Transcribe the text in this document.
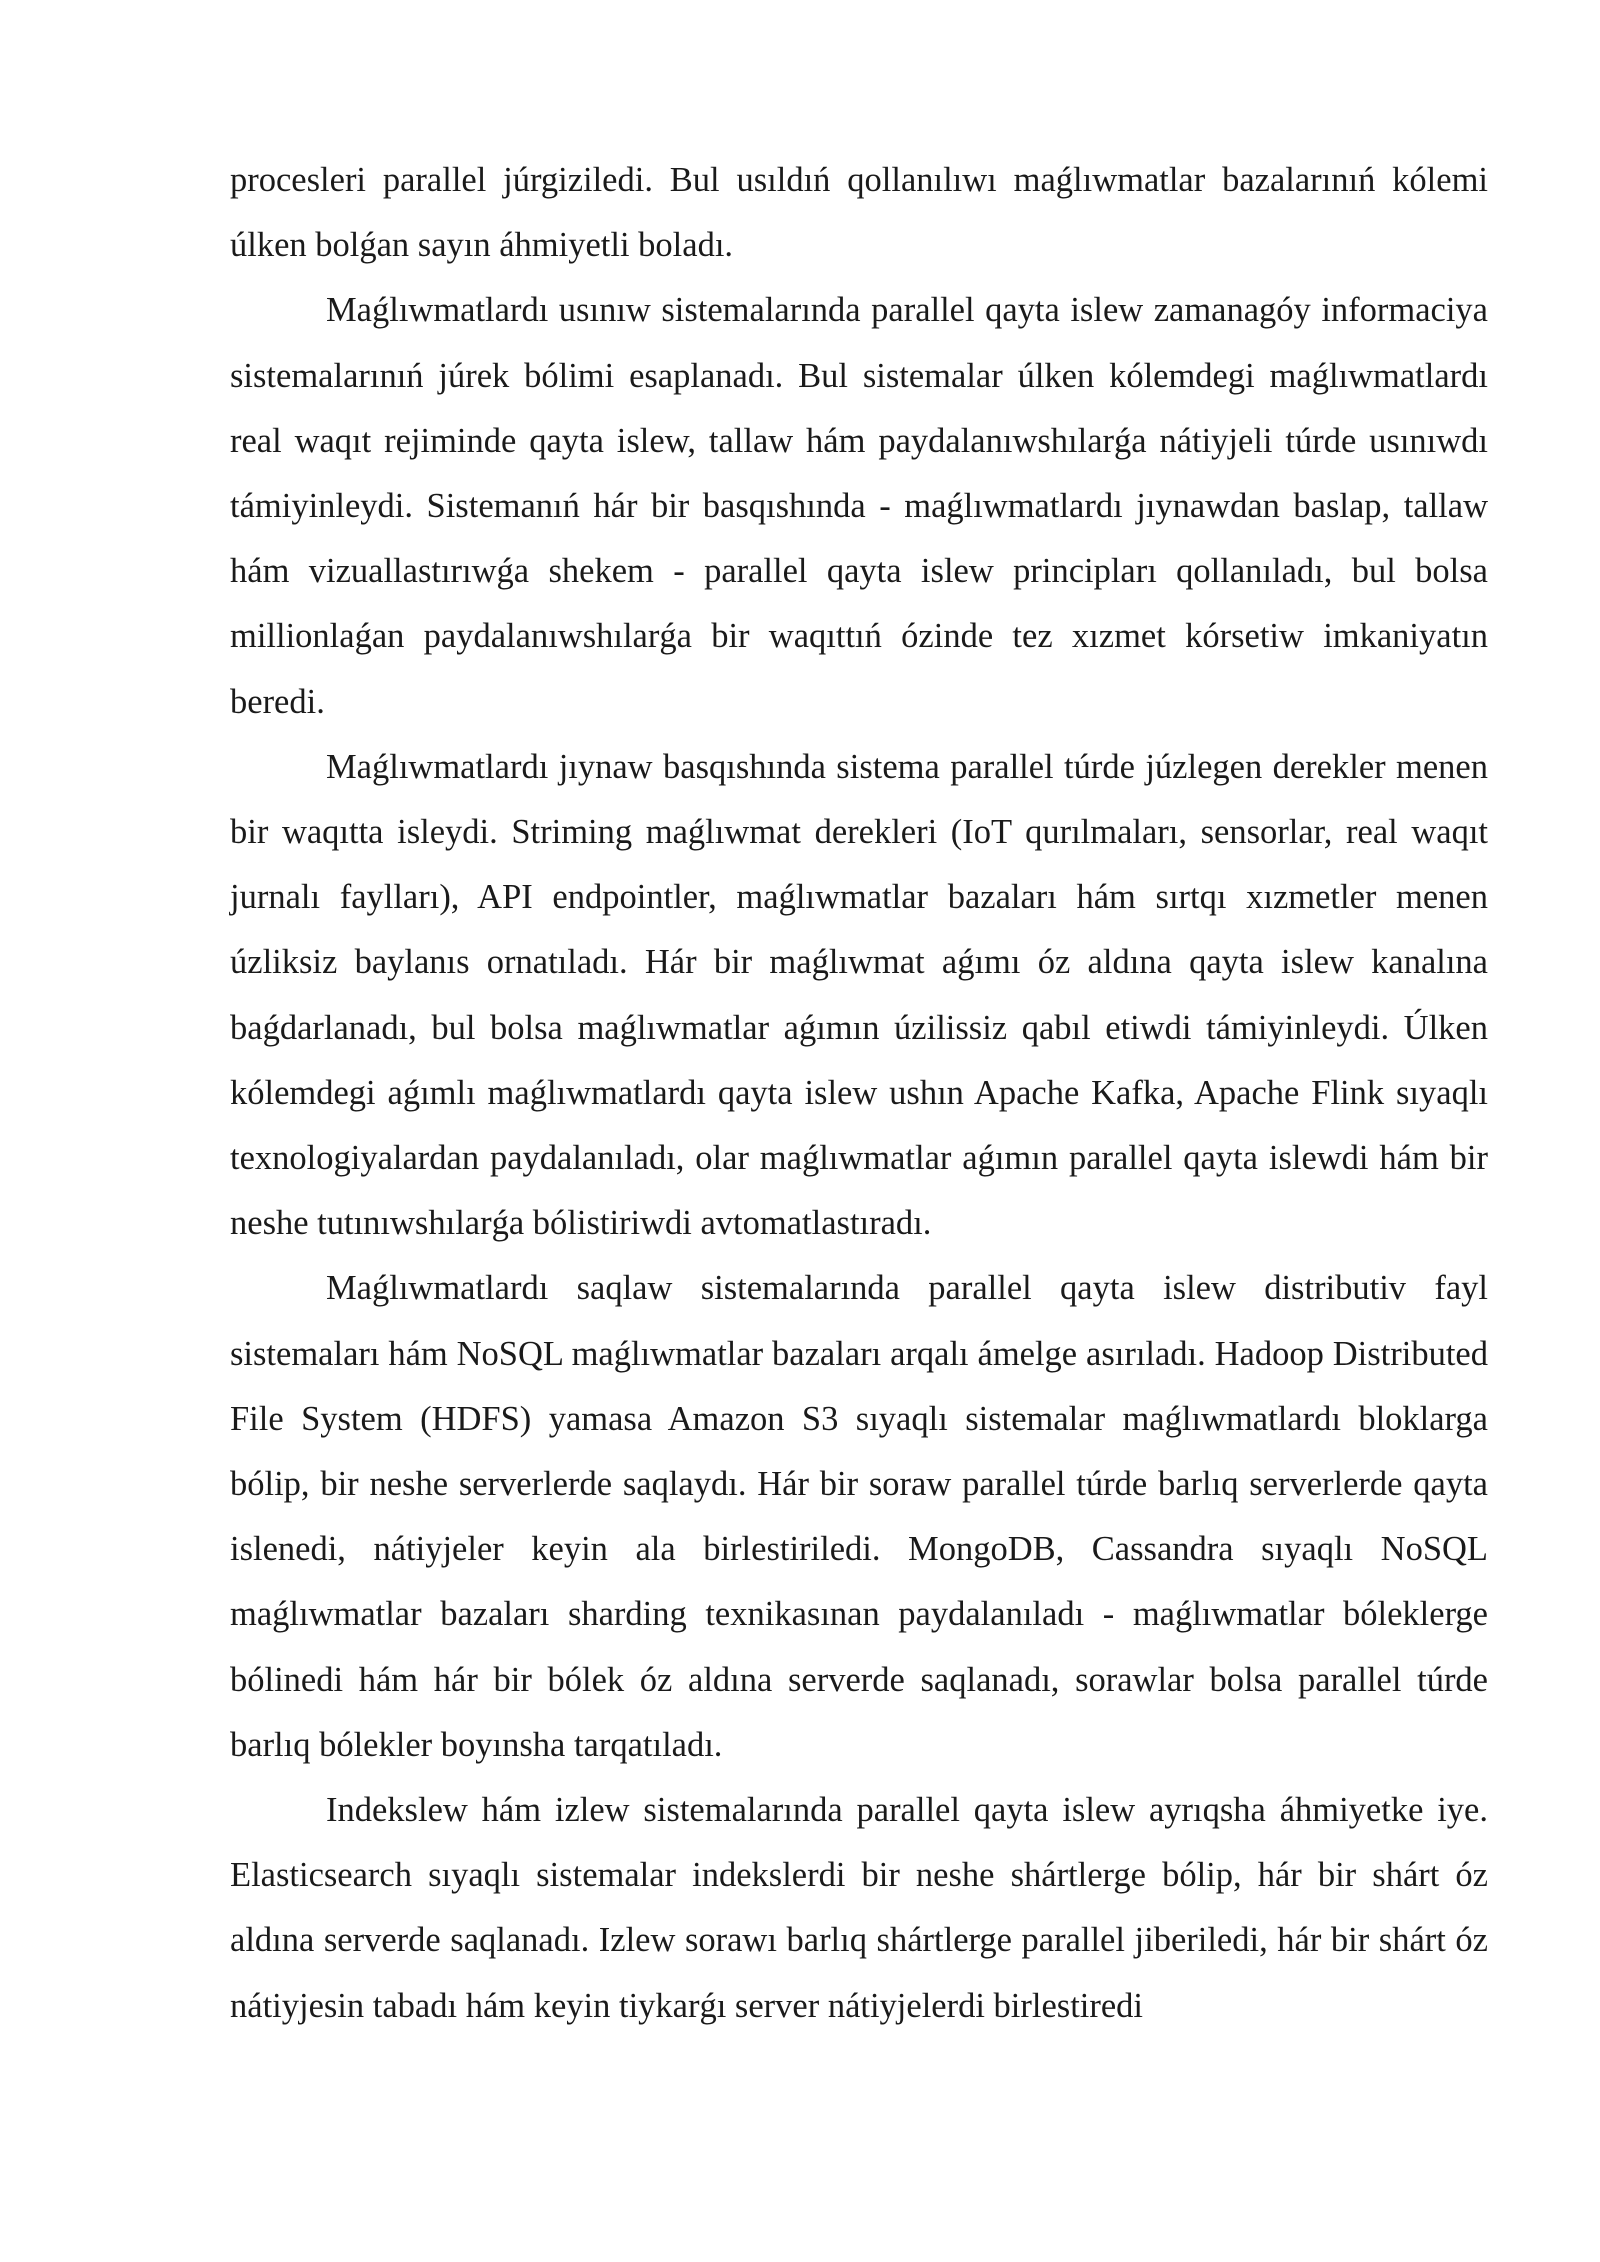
procesleri parallel júrgiziledi. Bul usıldıń qollanılıwı maǵlıwmatlar bazalarınıń kólemi úlken bolǵan sayın áhmiyetli boladı.

Maǵlıwmatlardı usınıw sistemalarında parallel qayta islew zamanagóy informaciya sistemalarınıń júrek bólimi esaplanadı. Bul sistemalar úlken kólemdegi maǵlıwmatlardı real waqıt rejiminde qayta islew, tallaw hám paydalanıwshılarǵa nátiyjeli túrde usınıwdı támiyinleydi. Sistemanıń hár bir basqıshında - maǵlıwmatlardı jıynawdan baslap, tallaw hám vizuallastırıwǵa shekem - parallel qayta islew principları qollanıladı, bul bolsa millionlaǵan paydalanıwshılarǵa bir waqıttıń ózinde tez xızmet kórsetiw imkaniyatın beredi.

Maǵlıwmatlardı jıynaw basqıshında sistema parallel túrde júzlegen derekler menen bir waqıtta isleydi. Striming maǵlıwmat derekleri (IoT qurılmaları, sensorlar, real waqıt jurnalı faylları), API endpointler, maǵlıwmatlar bazaları hám sırtqı xızmetler menen úzliksiz baylanıs ornatıladı. Hár bir maǵlıwmat aǵımı óz aldına qayta islew kanalına baǵdarlanadı, bul bolsa maǵlıwmatlar aǵımın úzilissiz qabıl etiwdi támiyinleydi. Úlken kólemdegi aǵımlı maǵlıwmatlardı qayta islew ushın Apache Kafka, Apache Flink sıyaqlı texnologiyalardan paydalanıladı, olar maǵlıwmatlar aǵımın parallel qayta islewdi hám bir neshe tutınıwshılarǵa bólistiriwdi avtomatlastıradı.

Maǵlıwmatlardı saqlaw sistemalarında parallel qayta islew distributiv fayl sistemaları hám NoSQL maǵlıwmatlar bazaları arqalı ámelge asırıladı. Hadoop Distributed File System (HDFS) yamasa Amazon S3 sıyaqlı sistemalar maǵlıwmatlardı bloklarga bólip, bir neshe serverlerde saqlaydı. Hár bir soraw parallel túrde barlıq serverlerde qayta islenedi, nátiyjeler keyin ala birlestiriledi. MongoDB, Cassandra sıyaqlı NoSQL maǵlıwmatlar bazaları sharding texnikasınan paydalanıladı - maǵlıwmatlar bóleklerge bólinedi hám hár bir bólek óz aldına serverde saqlanadı, sorawlar bolsa parallel túrde barlıq bólekler boyınsha tarqatıladı.

Indekslew hám izlew sistemalarında parallel qayta islew ayrıqsha áhmiyetke iye. Elasticsearch sıyaqlı sistemalar indekslerdi bir neshe shártlerge bólip, hár bir shárt óz aldına serverde saqlanadı. Izlew sorawı barlıq shártlerge parallel jiberiledi, hár bir shárt óz nátiyjesin tabadı hám keyin tiykarǵı server nátiyjelerdi birlestiredi
